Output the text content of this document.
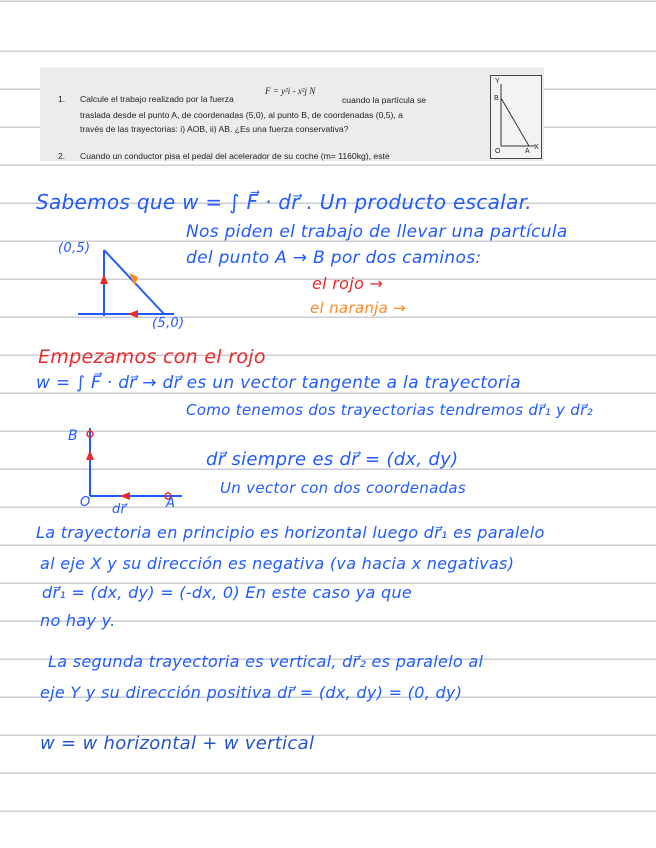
1. Calcule el trabajo realizado por la fuerza
F = y²i - x²j N
cuando la partícula se
traslada desde el punto A, de coordenadas (5,0), al punto B, de coordenadas (0,5), a
través de las trayectorias: i) AOB, ii) AB. ¿Es una fuerza conservativa?
2. Cuando un conductor pisa el pedal del acelerador de su coche (m= 1160kg), este
Y
B
O	A
X

Sabemos que w = ∫ F⃗ · dr⃗ . Un producto escalar.

Nos piden el trabajo de llevar una partícula

del punto A → B por dos caminos:

el rojo →

el naranja →

(0,5)
(5,0)

Empezamos con el rojo

w = ∫ F⃗ · dr⃗ → dr⃗ es un vector tangente a la trayectoria

Como tenemos dos trayectorias tendremos dr⃗₁ y dr⃗₂

dr⃗ siempre es dr⃗ = (dx, dy)

Un vector con dos coordenadas

B
O	A
dr⃗

La trayectoria en principio es horizontal luego dr⃗₁ es paralelo

al eje X y su dirección es negativa (va hacia x negativas)

dr⃗₁ = (dx, dy) = (-dx, 0) En este caso ya que

no hay y.

La segunda trayectoria es vertical, dr⃗₂ es paralelo al

eje Y y su dirección positiva dr⃗ = (dx, dy) = (0, dy)

w = w horizontal + w vertical
